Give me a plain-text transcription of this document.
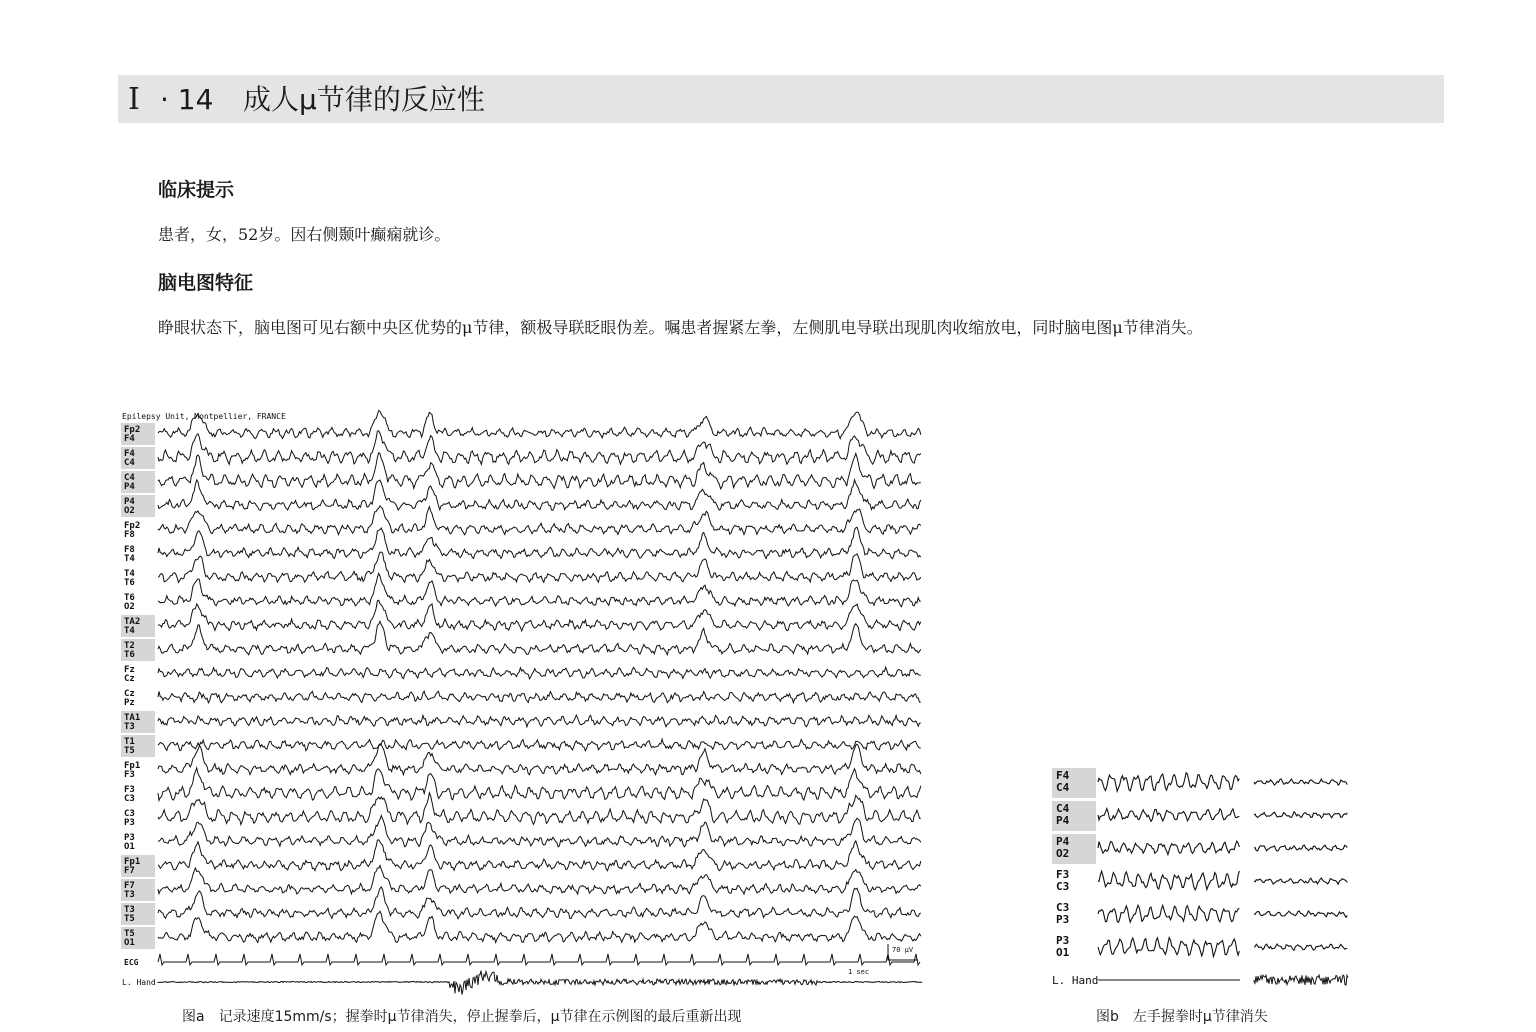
I · 14 成人μ节律的反应性
临床提示
患者，女，52岁。因右侧颞叶癫痫就诊。
脑电图特征
睁眼状态下，脑电图可见右额中央区优势的μ节律，额极导联眨眼伪差。嘱患者握紧左拳，左侧肌电导联出现肌肉收缩放电，同时脑电图μ节律消失。
Epilepsy Unit, Montpellier, FRANCE
Fp2
F4
F4
C4
C4
P4
P4
O2
Fp2
F8
F8
T4
T4
T6
T6
O2
TA2
T4
T2
T6
Fz
Cz
Cz
Pz
TA1
T3
T1
T5
Fp1
F3
F3
C3
C3
P3
P3
O1
Fp1
F7
F7
T3
T3
T5
T5
O1
ECG
L. Hand
70 μV
1 sec
图a　记录速度15mm/s；握拳时μ节律消失，停止握拳后，μ节律在示例图的最后重新出现
F4
C4
C4
P4
P4
O2
F3
C3
C3
P3
P3
O1
L. Hand
图b　左手握拳时μ节律消失
